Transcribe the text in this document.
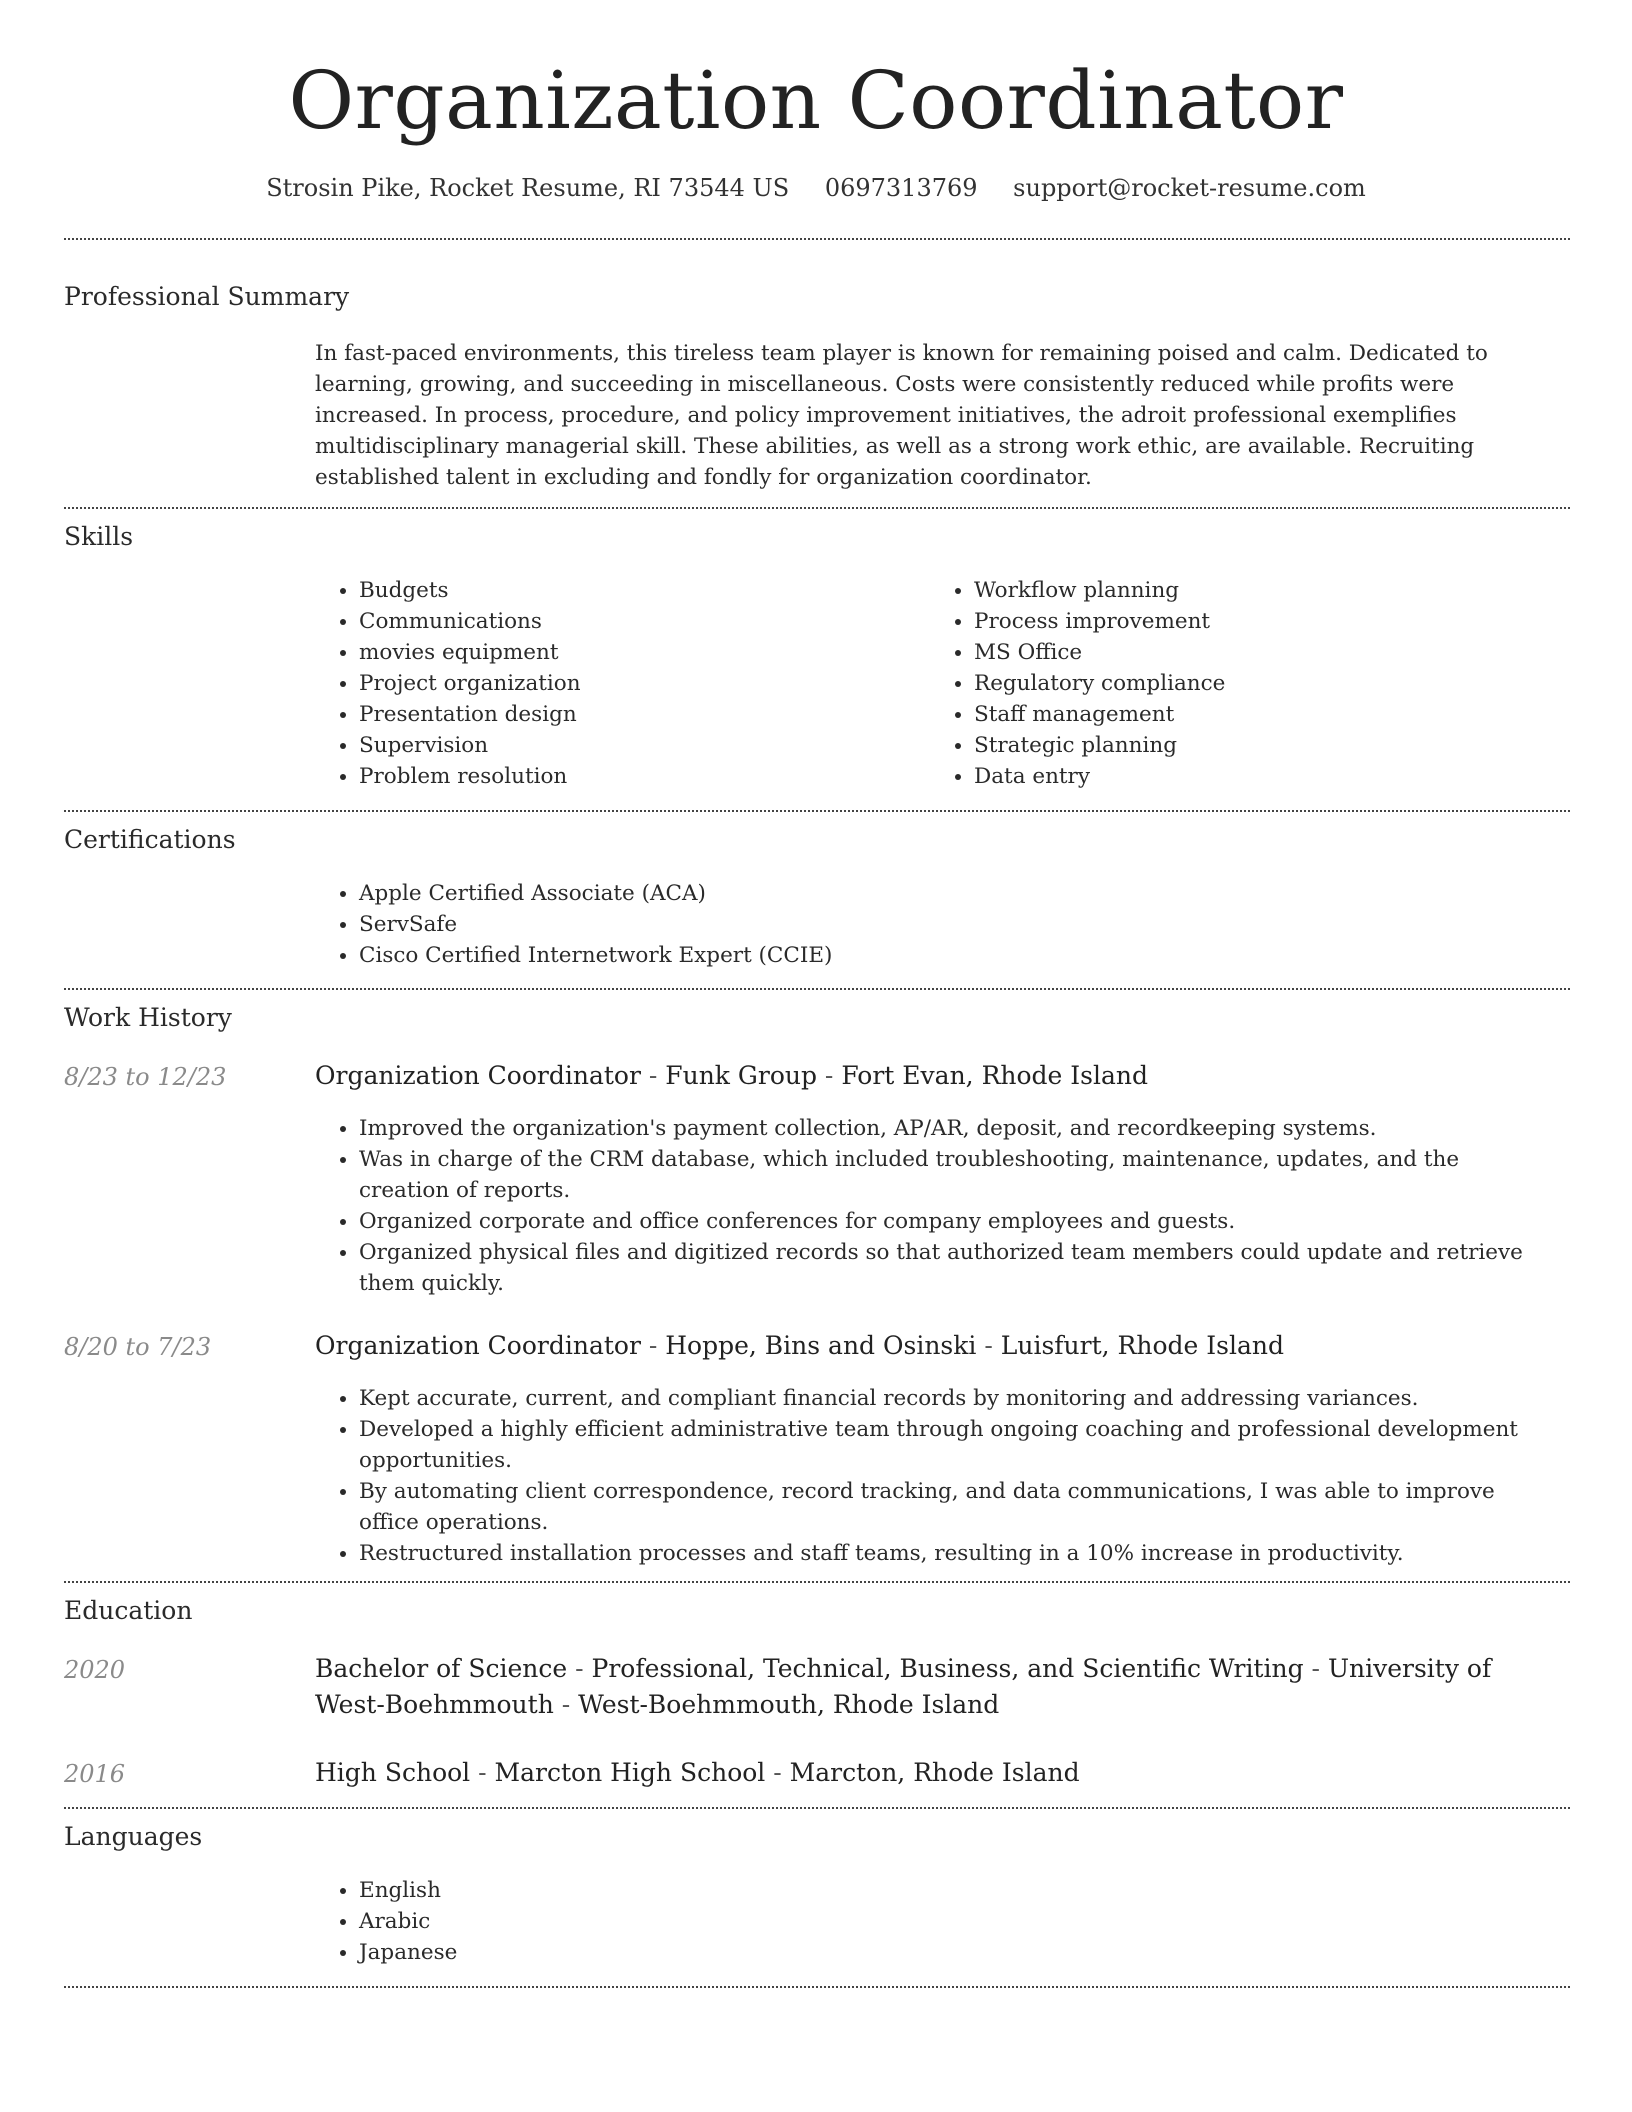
Organization Coordinator
Strosin Pike, Rocket Resume, RI 73544 US 0697313769 support@rocket-resume.com
Professional Summary
In fast-paced environments, this tireless team player is known for remaining poised and calm. Dedicated to learning, growing, and succeeding in miscellaneous. Costs were consistently reduced while profits were increased. In process, procedure, and policy improvement initiatives, the adroit professional exemplifies multidisciplinary managerial skill. These abilities, as well as a strong work ethic, are available. Recruiting established talent in excluding and fondly for organization coordinator.
Skills
• Budgets
• Communications
• movies equipment
• Project organization
• Presentation design
• Supervision
• Problem resolution
• Workflow planning
• Process improvement
• MS Office
• Regulatory compliance
• Staff management
• Strategic planning
• Data entry
Certifications
• Apple Certified Associate (ACA)
• ServSafe
• Cisco Certified Internetwork Expert (CCIE)
Work History
8/23 to 12/23	Organization Coordinator - Funk Group - Fort Evan, Rhode Island
• Improved the organization's payment collection, AP/AR, deposit, and recordkeeping systems.
• Was in charge of the CRM database, which included troubleshooting, maintenance, updates, and the creation of reports.
• Organized corporate and office conferences for company employees and guests.
• Organized physical files and digitized records so that authorized team members could update and retrieve them quickly.
8/20 to 7/23	Organization Coordinator - Hoppe, Bins and Osinski - Luisfurt, Rhode Island
• Kept accurate, current, and compliant financial records by monitoring and addressing variances.
• Developed a highly efficient administrative team through ongoing coaching and professional development opportunities.
• By automating client correspondence, record tracking, and data communications, I was able to improve office operations.
• Restructured installation processes and staff teams, resulting in a 10% increase in productivity.
Education
2020	Bachelor of Science - Professional, Technical, Business, and Scientific Writing - University of West-Boehmmouth - West-Boehmmouth, Rhode Island
2016	High School - Marcton High School - Marcton, Rhode Island
Languages
• English
• Arabic
• Japanese
